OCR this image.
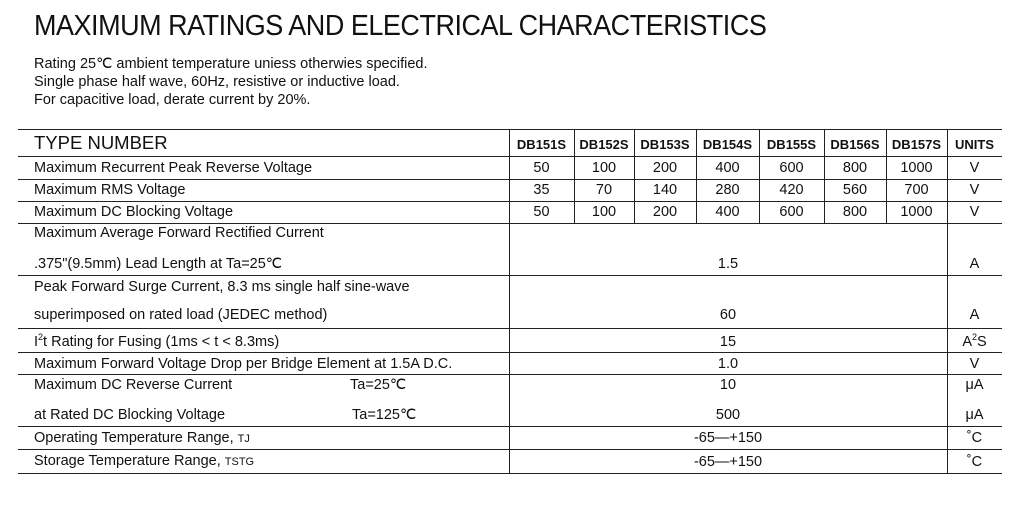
MAXIMUM RATINGS AND ELECTRICAL CHARACTERISTICS
Rating 25℃ ambient temperature uniess otherwies specified.
Single phase half wave, 60Hz, resistive or inductive load.
For capacitive load, derate current by 20%.
TYPE NUMBER	DB151S	DB152S DB153S	DB154S	DB155S	DB156S DB157S	UNITS
Maximum Recurrent Peak Reverse Voltage	50	100	200	400	600	800	1000	V
Maximum RMS Voltage	35	70	140	280	420	560	700	V
Maximum DC Blocking Voltage	50	100	200	400	600	800	1000	V
Maximum Average Forward Rectified Current
.375"(9.5mm) Lead Length at Ta=25℃	1.5	A
Peak Forward Surge Current, 8.3 ms single half sine-wave
superimposed on rated load (JEDEC method)	60	A
$I^2t$ Rating for Fusing (1ms < t < 8.3ms)	15	$A^2S$
Maximum Forward Voltage Drop per Bridge Element at 1.5A D.C.	1.0	V
Maximum DC Reverse Current	Ta=25℃	10	μA
at Rated DC Blocking Voltage	Ta=125℃	500	μA
Operating Temperature Range, TJ	-65—+150	˚C
Storage Temperature Range, TSTG	-65—+150	˚C
